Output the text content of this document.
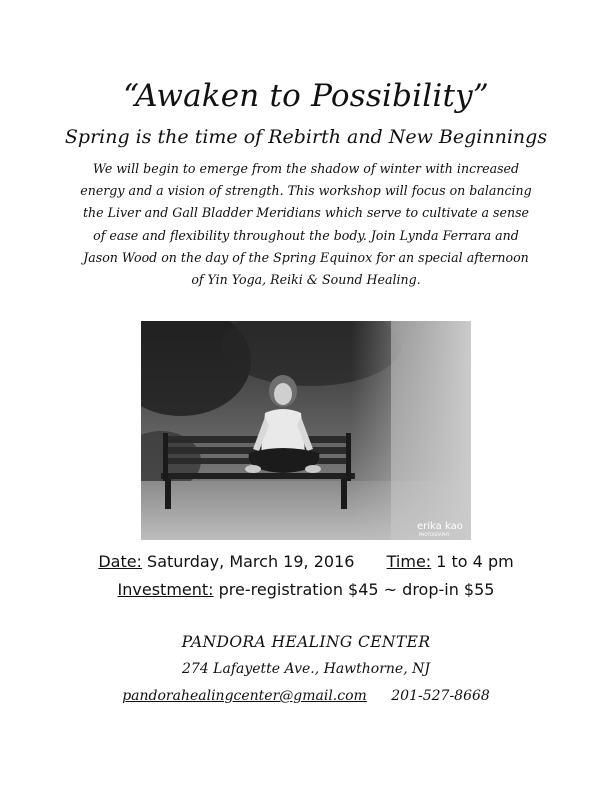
“Awaken to Possibility”
Spring is the time of Rebirth and New Beginnings
We will begin to emerge from the shadow of winter with increased
energy and a vision of strength. This workshop will focus on balancing
the Liver and Gall Bladder Meridians which serve to cultivate a sense
of ease and flexibility throughout the body. Join Lynda Ferrara and
Jason Wood on the day of the Spring Equinox for an special afternoon
of Yin Yoga, Reiki & Sound Healing.
erika kao
PHOTOGRAPHY
Date: Saturday, March 19, 2016 Time: 1 to 4 pm
Investment: pre-registration $45 ~ drop-in $55
PANDORA HEALING CENTER
274 Lafayette Ave., Hawthorne, NJ
pandorahealingcenter@gmail.com 201-527-8668
